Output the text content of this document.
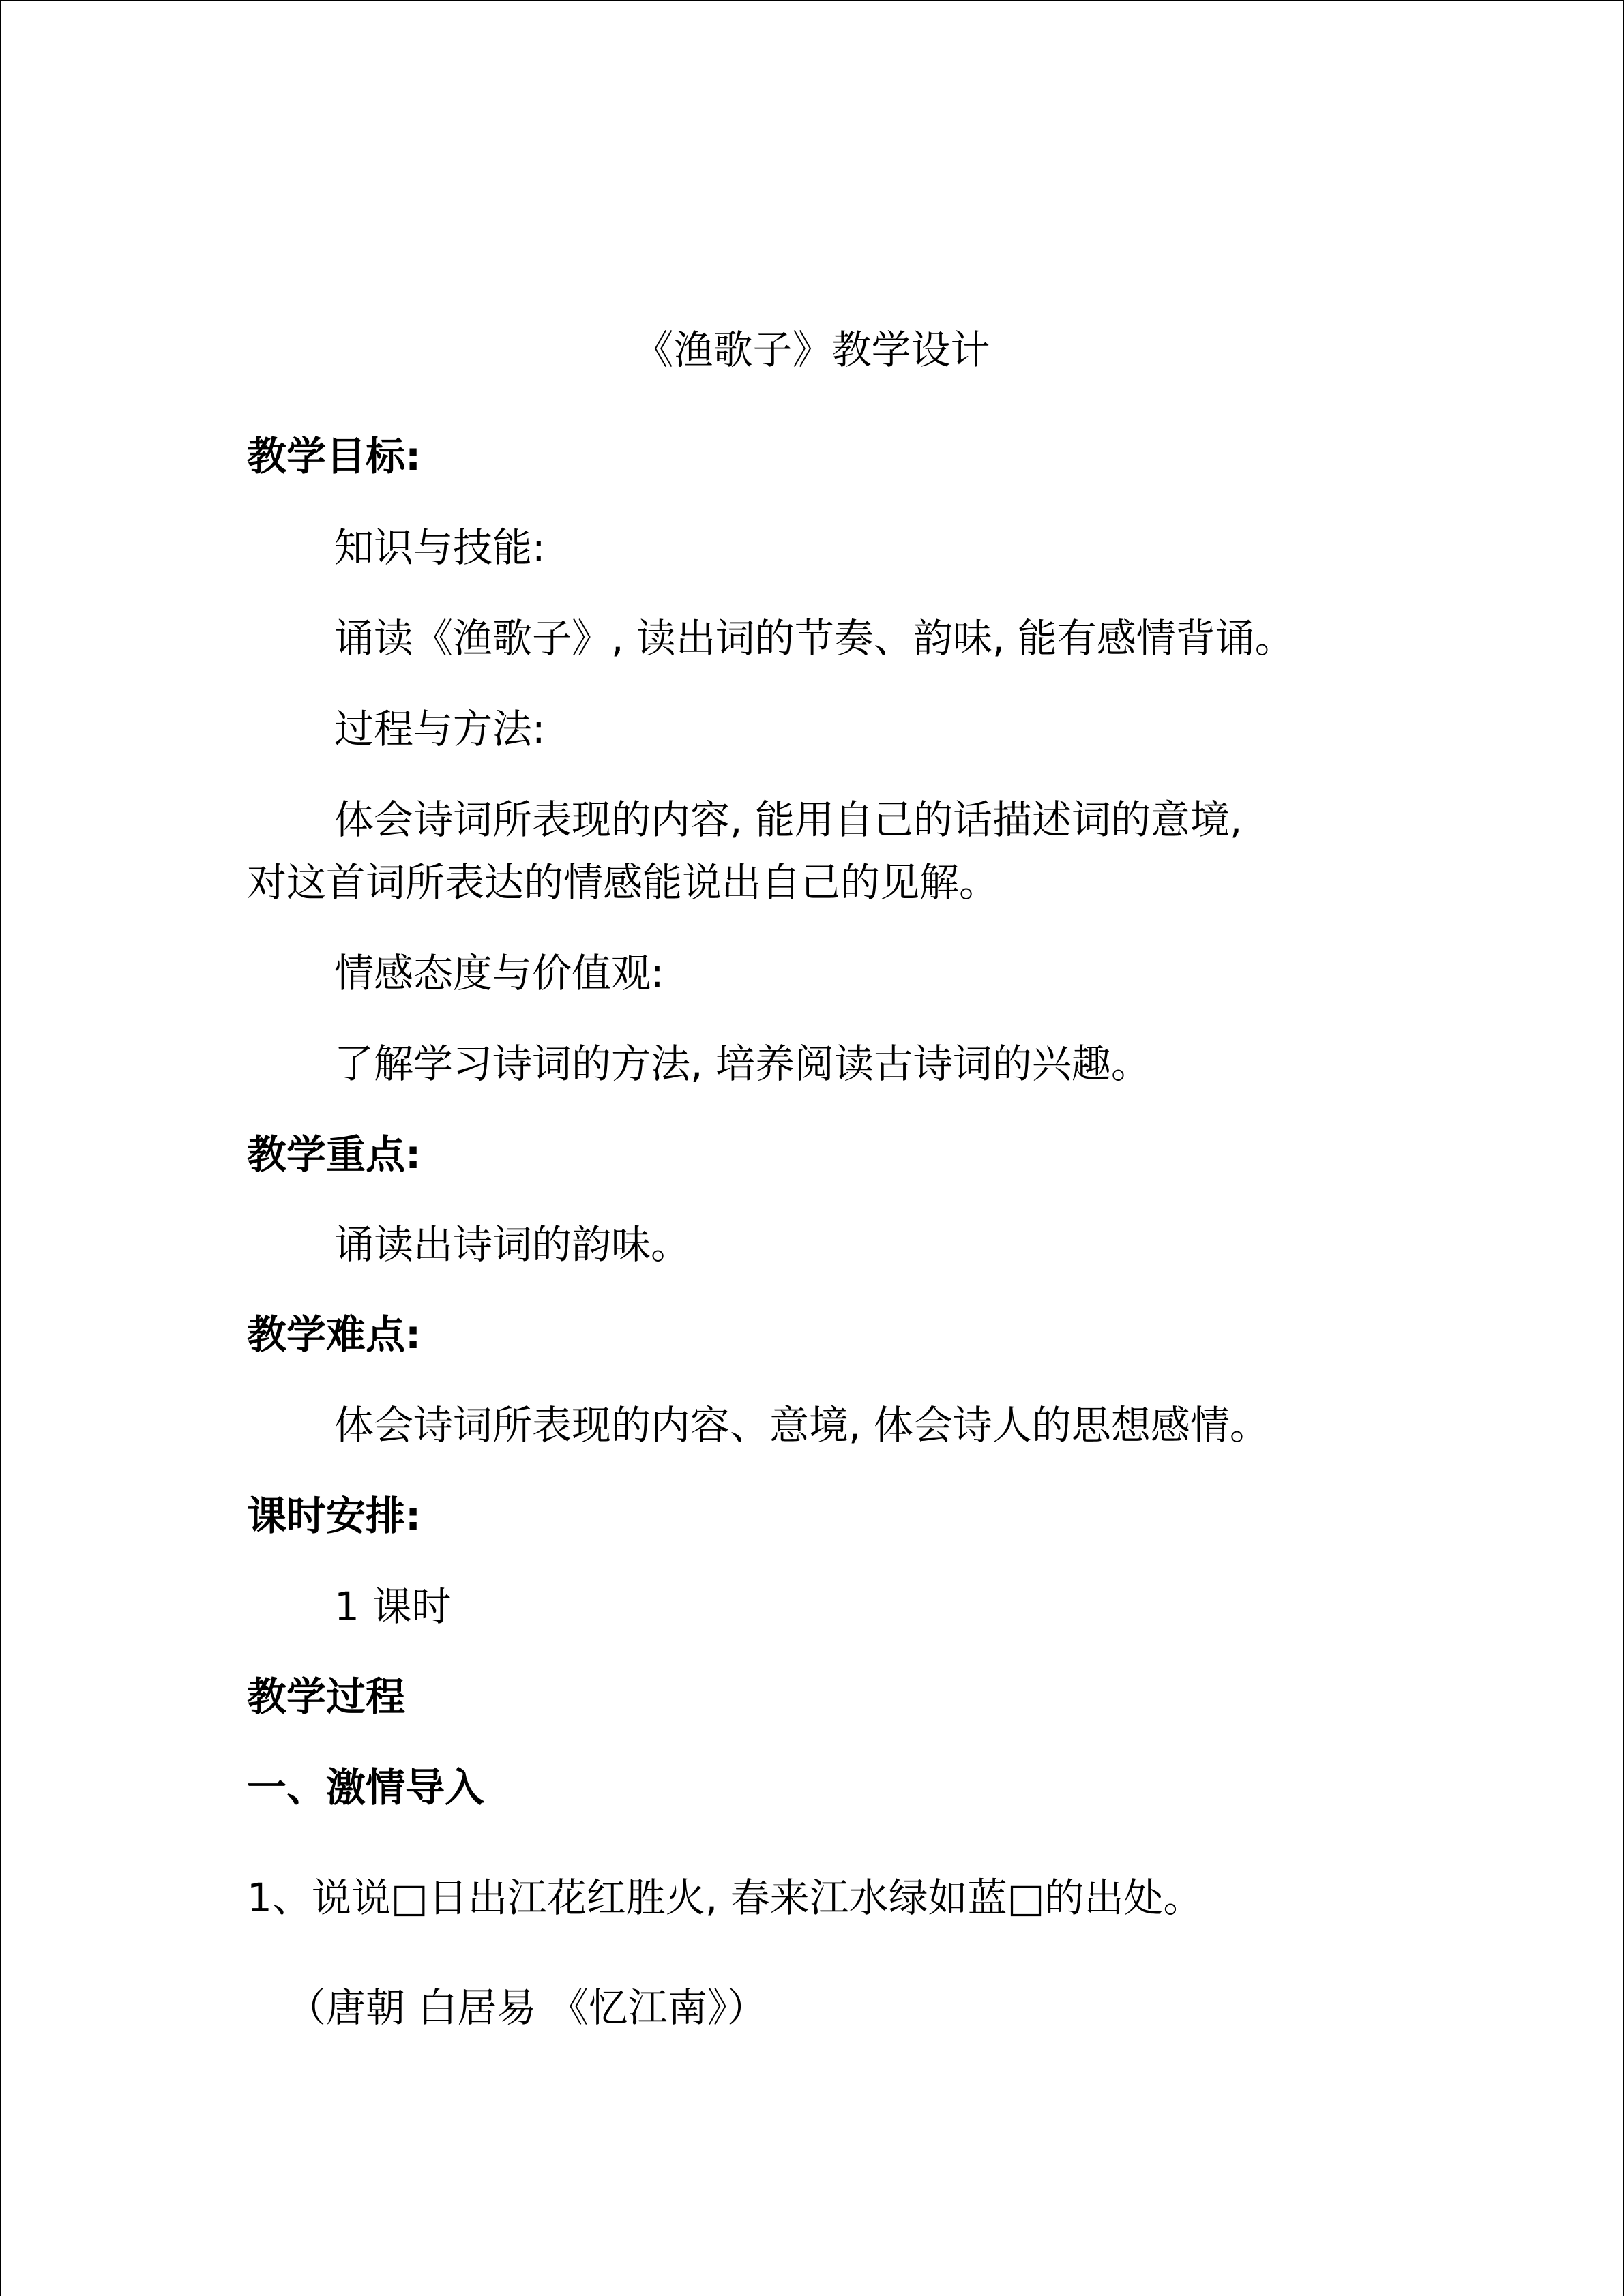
《渔歌子》教学设计
教学目标:
知识与技能:
诵读《渔歌子》, 读出词的节奏、韵味, 能有感情背诵。
过程与方法:
体会诗词所表现的内容, 能用自己的话描述词的意境,
对这首词所表达的情感能说出自己的见解。
情感态度与价值观:
了解学习诗词的方法, 培养阅读古诗词的兴趣。
教学重点:
诵读出诗词的韵味。
教学难点:
体会诗词所表现的内容、意境, 体会诗人的思想感情。
课时安排:
1 课时
教学过程
一、激情导入
1、说说□日出江花红胜火, 春来江水绿如蓝□的出处。
（唐朝 白居易 《忆江南》）
